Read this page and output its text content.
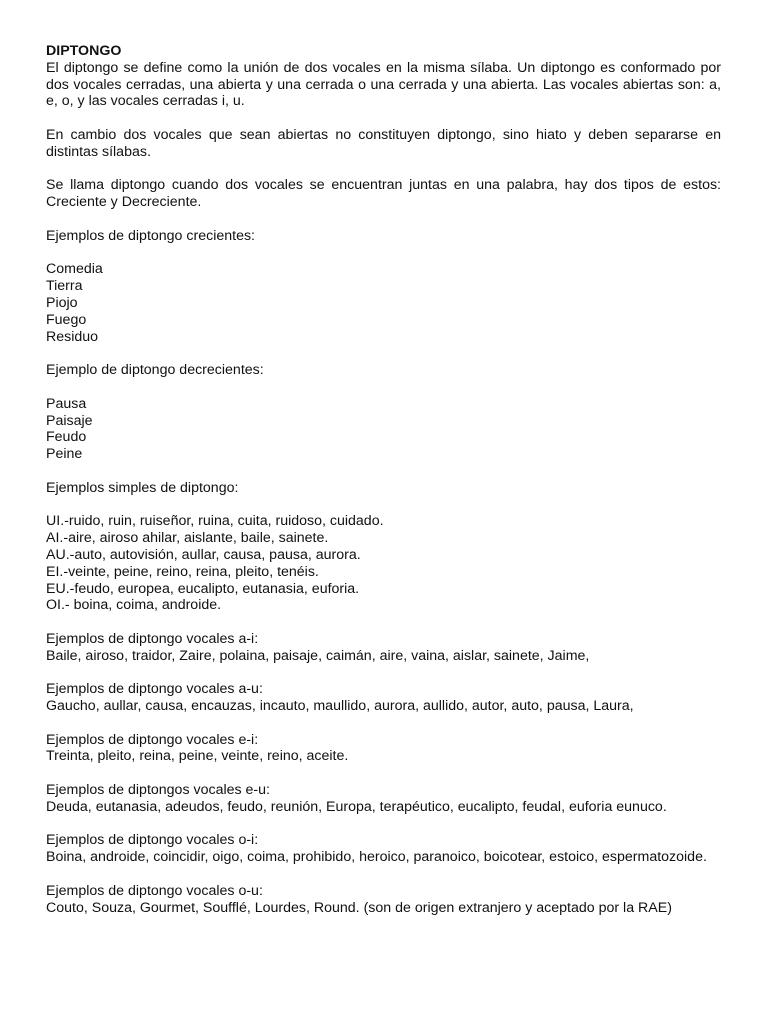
DIPTONGO

El diptongo se define como la unión de dos vocales en la misma sílaba. Un diptongo es conformado por dos vocales cerradas, una abierta y una cerrada o una cerrada y una abierta. Las vocales abiertas son: a, e, o, y las vocales cerradas i, u.

En cambio dos vocales que sean abiertas no constituyen diptongo, sino hiato y deben separarse en distintas sílabas.

Se llama diptongo cuando dos vocales se encuentran juntas en una palabra, hay dos tipos de estos: Creciente y Decreciente.

Ejemplos de diptongo crecientes:

Comedia

Tierra

Piojo

Fuego

Residuo

Ejemplo de diptongo decrecientes:

Pausa

Paisaje

Feudo

Peine

Ejemplos simples de diptongo:

UI.-ruido, ruin, ruiseñor, ruina, cuita, ruidoso, cuidado.

AI.-aire, airoso ahilar, aislante, baile, sainete.

AU.-auto, autovisión, aullar, causa, pausa, aurora.

EI.-veinte, peine, reino, reina, pleito, tenéis.

EU.-feudo, europea, eucalipto, eutanasia, euforia.

OI.- boina, coima, androide.

Ejemplos de diptongo vocales a-i:

Baile, airoso, traidor, Zaire, polaina, paisaje, caimán, aire, vaina, aislar, sainete, Jaime,

Ejemplos de diptongo vocales a-u:

Gaucho, aullar, causa, encauzas, incauto, maullido, aurora, aullido, autor, auto, pausa, Laura,

Ejemplos de diptongo vocales e-i:

Treinta, pleito, reina, peine, veinte, reino, aceite.

Ejemplos de diptongos vocales e-u:

Deuda, eutanasia, adeudos, feudo, reunión, Europa, terapéutico, eucalipto, feudal, euforia eunuco.

Ejemplos de diptongo vocales o-i:

Boina, androide, coincidir, oigo, coima, prohibido, heroico, paranoico, boicotear, estoico, espermatozoide.

Ejemplos de diptongo vocales o-u:

Couto, Souza, Gourmet, Soufflé, Lourdes, Round. (son de origen extranjero y aceptado por la RAE)
